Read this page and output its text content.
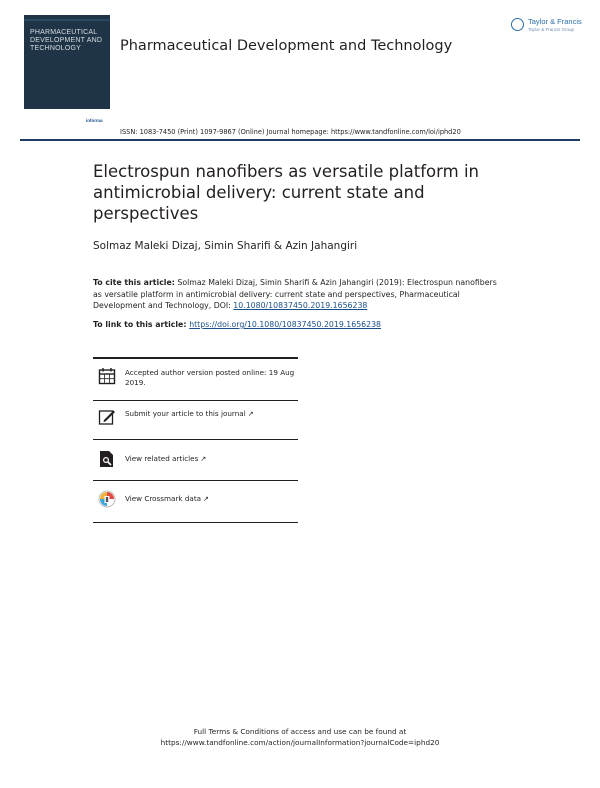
PHARMACEUTICAL DEVELOPMENT AND TECHNOLOGY	Pharmaceutical Development and Technology
Taylor & Francis
Taylor & Francis Group
informa
ISSN: 1083-7450 (Print) 1097-9867 (Online) Journal homepage: https://www.tandfonline.com/loi/iphd20
Electrospun nanofibers as versatile platform in antimicrobial delivery: current state and perspectives
Solmaz Maleki Dizaj, Simin Sharifi & Azin Jahangiri
To cite this article: Solmaz Maleki Dizaj, Simin Sharifi & Azin Jahangiri (2019): Electrospun nanofibers as versatile platform in antimicrobial delivery: current state and perspectives, Pharmaceutical Development and Technology, DOI: 10.1080/10837450.2019.1656238
To link to this article: https://doi.org/10.1080/10837450.2019.1656238
Accepted author version posted online: 19 Aug 2019.
Submit your article to this journal ↗
View related articles ↗
View Crossmark data ↗
Full Terms & Conditions of access and use can be found at
https://www.tandfonline.com/action/journalInformation?journalCode=iphd20
